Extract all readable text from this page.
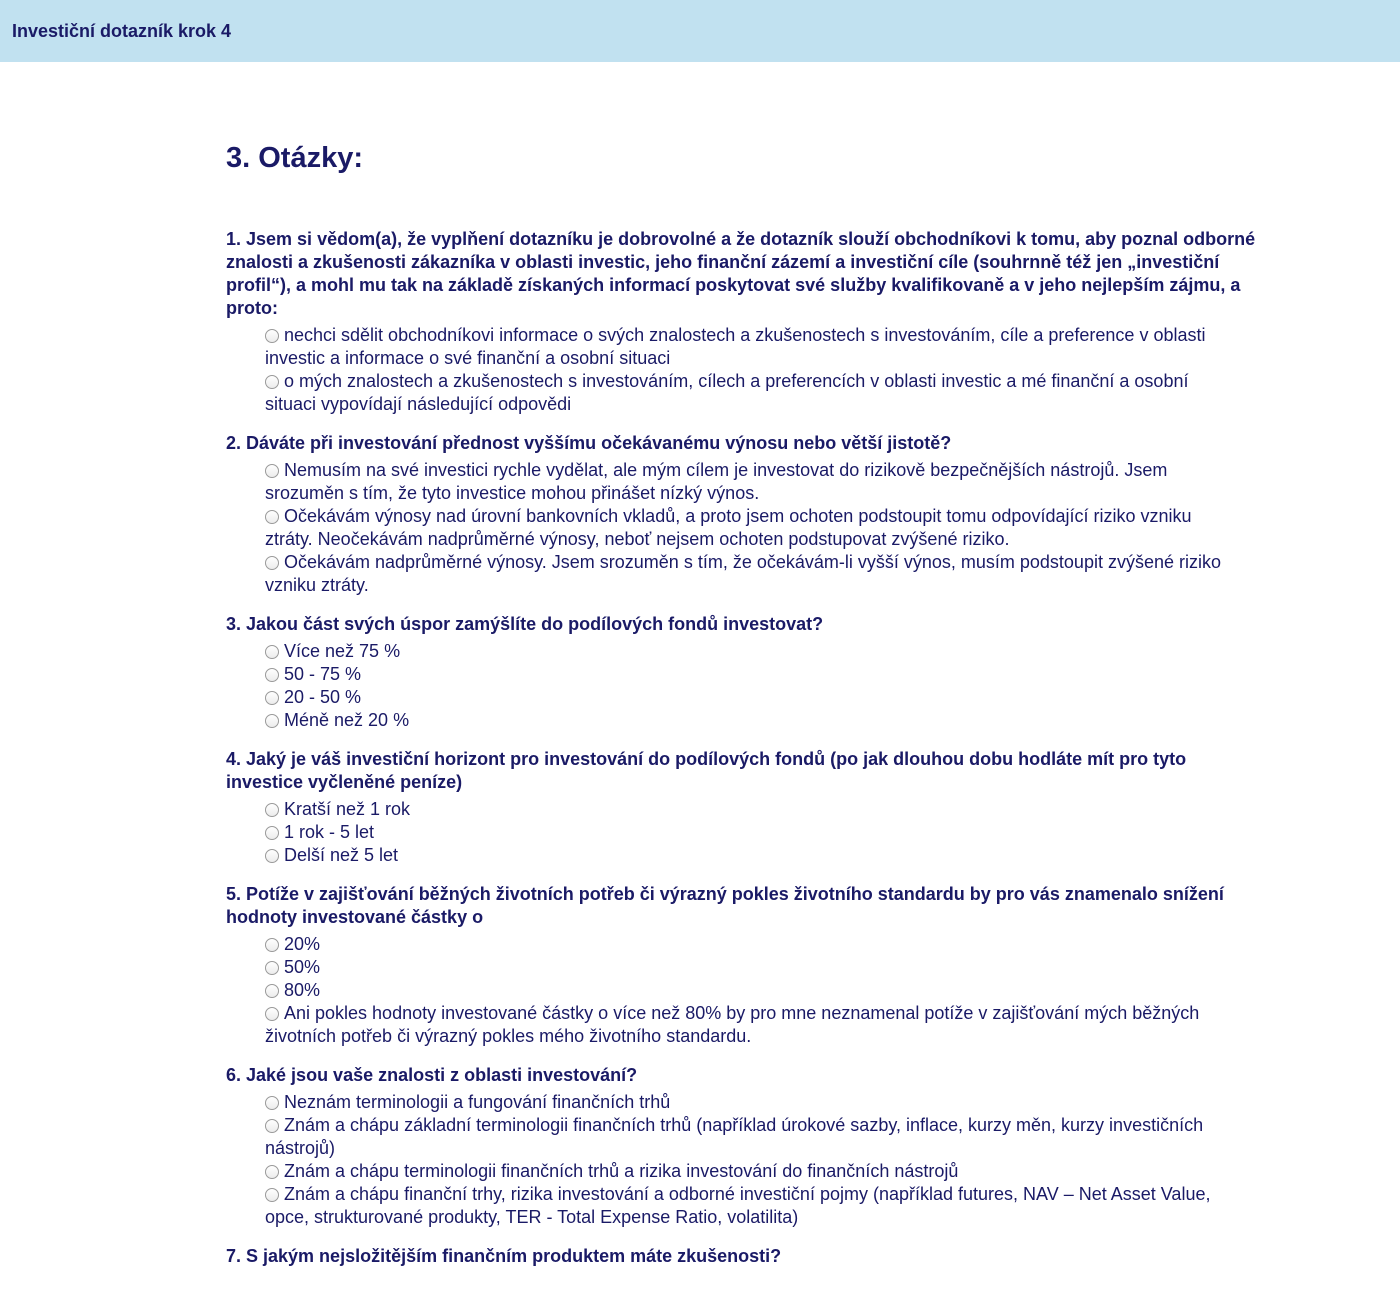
Investiční dotazník krok 4
3. Otázky:

1. Jsem si vědom(a), že vyplňení dotazníku je dobrovolné a že dotazník slouží obchodníkovi k tomu, aby poznal odborné znalosti a zkušenosti zákazníka v oblasti investic, jeho finanční zázemí a investiční cíle (souhrnně též jen „investiční profil“), a mohl mu tak na základě získaných informací poskytovat své služby kvalifikovaně a v jeho nejlepším zájmu, a proto:

nechci sdělit obchodníkovi informace o svých znalostech a zkušenostech s investováním, cíle a preference v oblasti investic a informace o své finanční a osobní situaci
o mých znalostech a zkušenostech s investováním, cílech a preferencích v oblasti investic a mé finanční a osobní situaci vypovídají následující odpovědi

2. Dáváte při investování přednost vyššímu očekávanému výnosu nebo větší jistotě?

Nemusím na své investici rychle vydělat, ale mým cílem je investovat do rizikově bezpečnějších nástrojů. Jsem srozuměn s tím, že tyto investice mohou přinášet nízký výnos.
Očekávám výnosy nad úrovní bankovních vkladů, a proto jsem ochoten podstoupit tomu odpovídající riziko vzniku ztráty. Neočekávám nadprůměrné výnosy, neboť nejsem ochoten podstupovat zvýšené riziko.
Očekávám nadprůměrné výnosy. Jsem srozuměn s tím, že očekávám-li vyšší výnos, musím podstoupit zvýšené riziko vzniku ztráty.

3. Jakou část svých úspor zamýšlíte do podílových fondů investovat?

Více než 75 %
50 - 75 %
20 - 50 %
Méně než 20 %

4. Jaký je váš investiční horizont pro investování do podílových fondů (po jak dlouhou dobu hodláte mít pro tyto investice vyčleněné peníze)

Kratší než 1 rok
1 rok - 5 let
Delší než 5 let

5. Potíže v zajišťování běžných životních potřeb či výrazný pokles životního standardu by pro vás znamenalo snížení hodnoty investované částky o

20%
50%
80%
Ani pokles hodnoty investované částky o více než 80% by pro mne neznamenal potíže v zajišťování mých běžných životních potřeb či výrazný pokles mého životního standardu.

6. Jaké jsou vaše znalosti z oblasti investování?

Neznám terminologii a fungování finančních trhů
Znám a chápu základní terminologii finančních trhů (například úrokové sazby, inflace, kurzy měn, kurzy investičních nástrojů)
Znám a chápu terminologii finančních trhů a rizika investování do finančních nástrojů
Znám a chápu finanční trhy, rizika investování a odborné investiční pojmy (například futures, NAV – Net Asset Value, opce, strukturované produkty, TER - Total Expense Ratio, volatilita)

7. S jakým nejsložitějším finančním produktem máte zkušenosti?
